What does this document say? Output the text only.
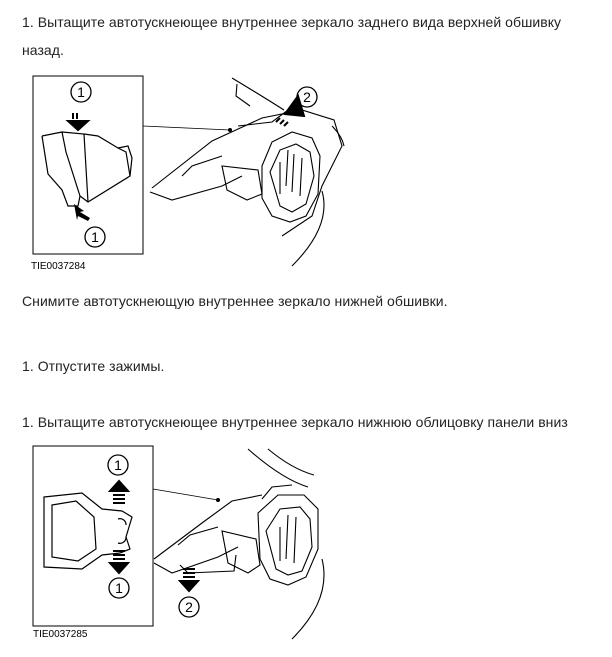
1. Вытащите автотускнеющее внутреннее зеркало заднего вида верхней обшивку
назад.
1
1
2
TIE0037284
Снимите автотускнеющую внутреннее зеркало нижней обшивки.
1. Отпустите зажимы.
1. Вытащите автотускнеющее внутреннее зеркало нижнюю облицовку панели вниз
1
1
2
TIE0037285
